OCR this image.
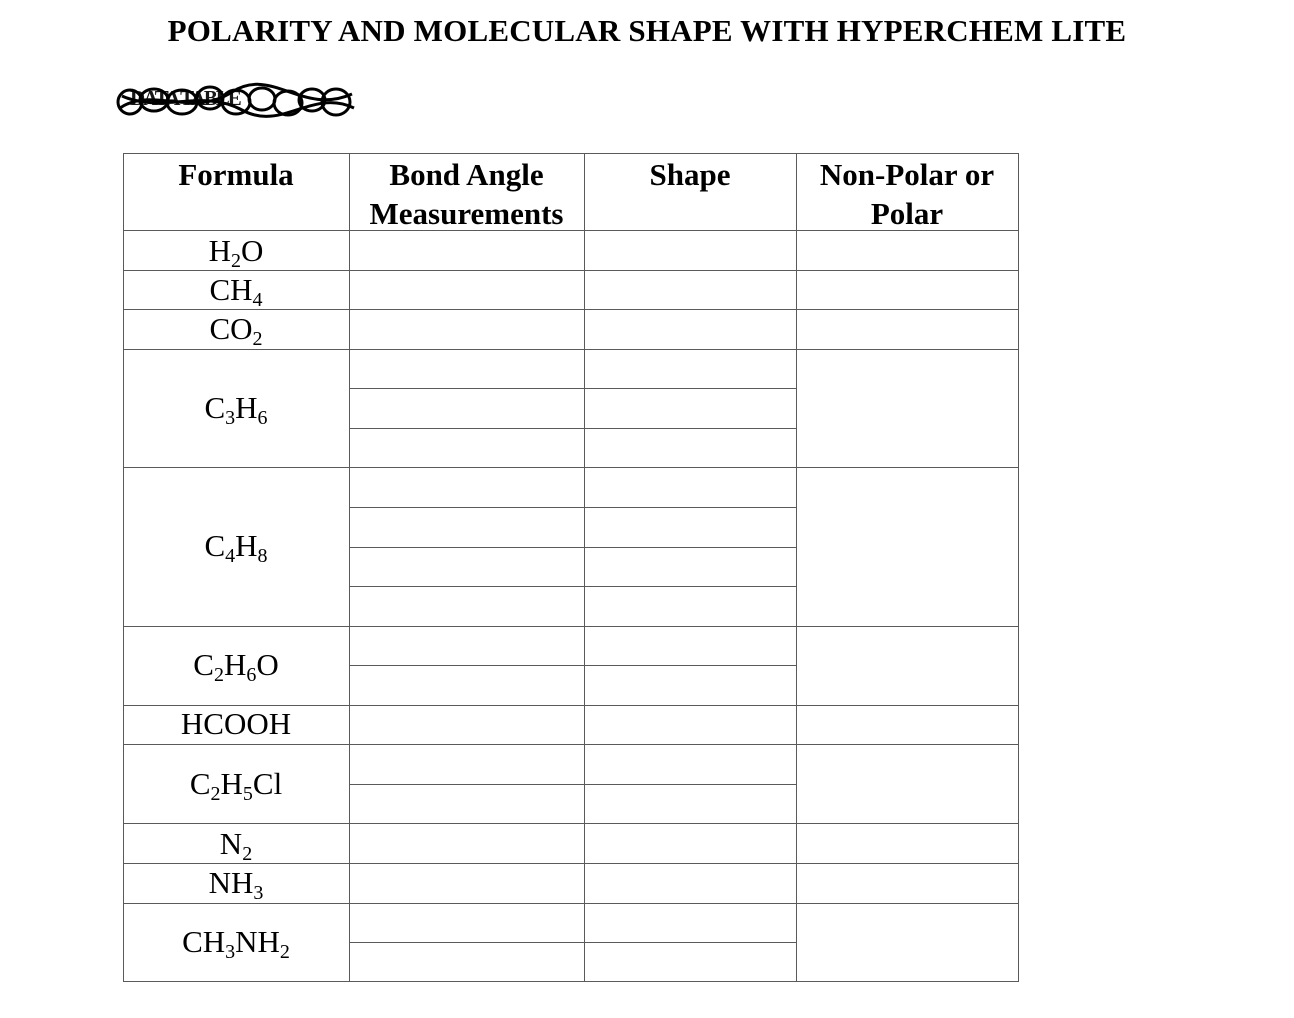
POLARITY AND MOLECULAR SHAPE WITH HYPERCHEM LITE
DATA TABLE
Formula	Bond Angle
Measurements
Shape	Non-Polar or
Polar
$H_2O$
$CH_4$
$CO_2$
$C_3H_6$
$C_4H_8$
$C_2H_6O$
HCOOH
$C_2H_5Cl$
$N_2$
$NH_3$
$CH_3NH_2$
